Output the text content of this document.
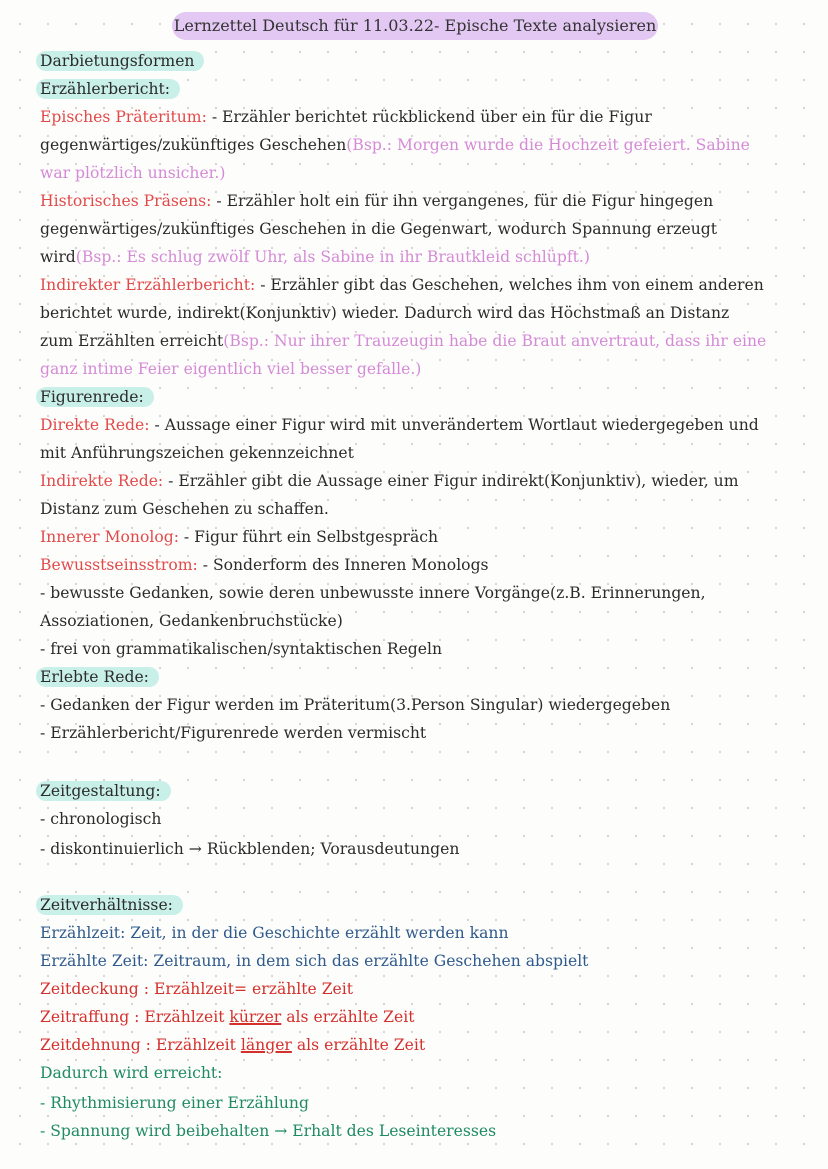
Lernzettel Deutsch für 11.03.22- Epische Texte analysieren
Darbietungsformen
Erzählerbericht:
Episches Präteritum: - Erzähler berichtet rückblickend über ein für die Figur
gegenwärtiges/zukünftiges Geschehen(Bsp.: Morgen wurde die Hochzeit gefeiert. Sabine
war plötzlich unsicher.)
Historisches Präsens: - Erzähler holt ein für ihn vergangenes, für die Figur hingegen
gegenwärtiges/zukünftiges Geschehen in die Gegenwart, wodurch Spannung erzeugt
wird(Bsp.: Es schlug zwölf Uhr, als Sabine in ihr Brautkleid schlüpft.)
Indirekter Erzählerbericht: - Erzähler gibt das Geschehen, welches ihm von einem anderen
berichtet wurde, indirekt(Konjunktiv) wieder. Dadurch wird das Höchstmaß an Distanz
zum Erzählten erreicht(Bsp.: Nur ihrer Trauzeugin habe die Braut anvertraut, dass ihr eine
ganz intime Feier eigentlich viel besser gefalle.)
Figurenrede:
Direkte Rede: - Aussage einer Figur wird mit unverändertem Wortlaut wiedergegeben und
mit Anführungszeichen gekennzeichnet
Indirekte Rede: - Erzähler gibt die Aussage einer Figur indirekt(Konjunktiv), wieder, um
Distanz zum Geschehen zu schaffen.
Innerer Monolog: - Figur führt ein Selbstgespräch
Bewusstseinsstrom: - Sonderform des Inneren Monologs
- bewusste Gedanken, sowie deren unbewusste innere Vorgänge(z.B. Erinnerungen,
Assoziationen, Gedankenbruchstücke)
- frei von grammatikalischen/syntaktischen Regeln
Erlebte Rede:
- Gedanken der Figur werden im Präteritum(3.Person Singular) wiedergegeben
- Erzählerbericht/Figurenrede werden vermischt
Zeitgestaltung:
- chronologisch
- diskontinuierlich → Rückblenden; Vorausdeutungen
Zeitverhältnisse:
Erzählzeit: Zeit, in der die Geschichte erzählt werden kann
Erzählte Zeit: Zeitraum, in dem sich das erzählte Geschehen abspielt
Zeitdeckung : Erzählzeit= erzählte Zeit
Zeitraffung : Erzählzeit kürzer als erzählte Zeit
Zeitdehnung : Erzählzeit länger als erzählte Zeit
Dadurch wird erreicht:
- Rhythmisierung einer Erzählung
- Spannung wird beibehalten → Erhalt des Leseinteresses
